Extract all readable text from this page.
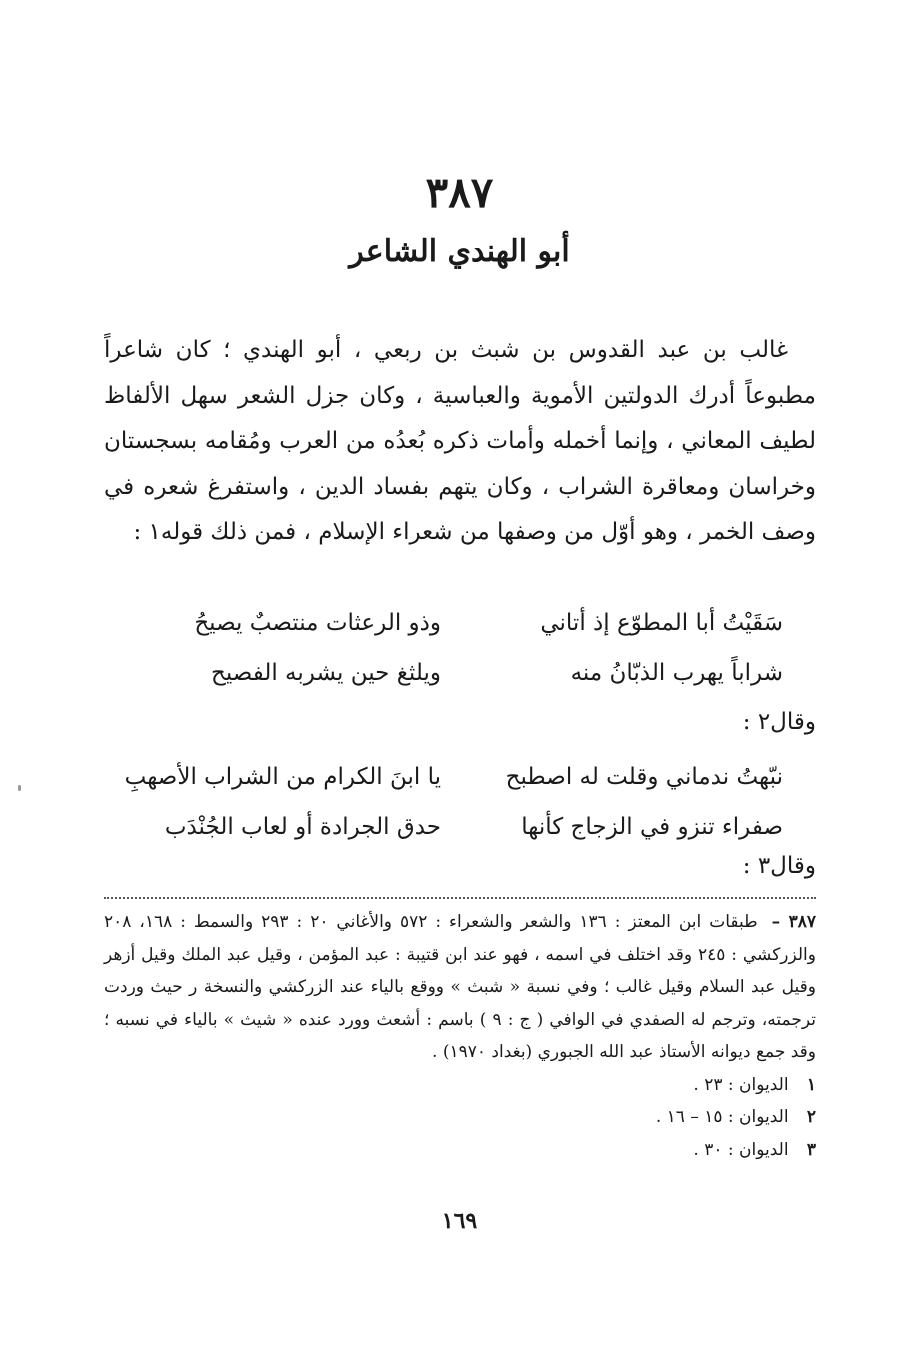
٣٨٧
أبو الهندي الشاعر

غالب بن عبد القدوس بن شبث بن ربعي ، أبو الهندي ؛ كان شاعراً مطبوعاً أدرك الدولتين الأموية والعباسية ، وكان جزل الشعر سهل الألفاظ لطيف المعاني ، وإنما أخمله وأمات ذكره بُعدُه من العرب ومُقامه بسجستان وخراسان ومعاقرة الشراب ، وكان يتهم بفساد الدين ، واستفرغ شعره في وصف الخمر ، وهو أوّل من وصفها من شعراء الإسلام ، فمن ذلك قوله١ :

سَقَيْتُ أبا المطوّع إذ أتاني
وذو الرعثات منتصبٌ يصيحُ
شراباً يهرب الذبّانُ منه
ويلثغ حين يشربه الفصيح
وقال٢ :
نبّهتُ ندماني وقلت له اصطبح
يا ابنَ الكرام من الشراب الأصهبِ
صفراء تنزو في الزجاج كأنها
حدق الجرادة أو لعاب الجُنْدَب
وقال٣ :

٣٨٧ – طبقات ابن المعتز : ١٣٦ والشعر والشعراء : ٥٧٢ والأغاني ٢٠ : ٢٩٣ والسمط : ١٦٨، ٢٠٨ والزركشي : ٢٤٥ وقد اختلف في اسمه ، فهو عند ابن قتيبة : عبد المؤمن ، وقيل عبد الملك وقيل أزهر وقيل عبد السلام وقيل غالب ؛ وفي نسبة « شبث » ووقع بالياء عند الزركشي والنسخة ر حيث وردت ترجمته، وترجم له الصفدي في الوافي ( ج : ٩ ) باسم : أشعث وورد عنده « شيث » بالياء في نسبه ؛ وقد جمع ديوانه الأستاذ عبد الله الجبوري (بغداد ١٩٧٠) .

١ الديوان : ٢٣ .

٢ الديوان : ١٥ – ١٦ .

٣ الديوان : ٣٠ .

١٦٩
